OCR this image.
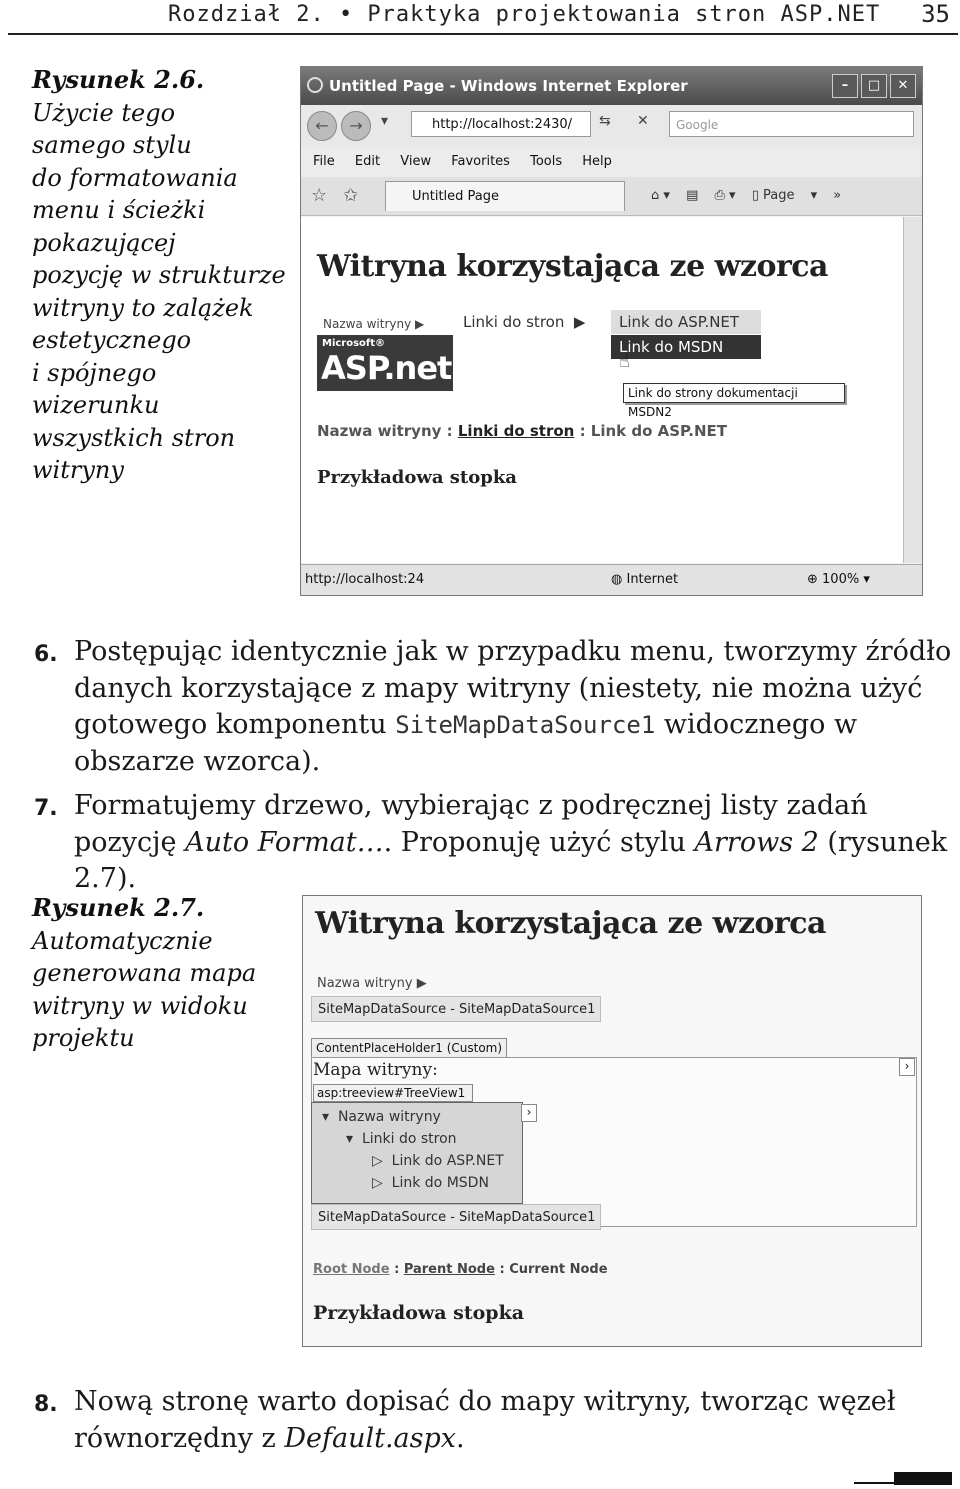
Rozdział 2. • Praktyka projektowania stron ASP.NET 35
Rysunek 2.6.
Użycie tego
samego stylu
do formatowania
menu i ścieżki
pokazującej
pozycję w strukturze
witryny to zalążek
estetycznego
i spójnego
wizerunku
wszystkich stron
witryny
Untitled Page - Windows Internet Explorer	–	□	✕
←	→	▾	http://localhost:2430/	⇆ ✕	Google
File Edit View Favorites Tools Help
☆ ✩	Untitled Page	⌂ ▾ ▤ ⎙ ▾ ▯ Page ▾ »
Witryna korzystająca ze wzorca
Nazwa witryny ▶
Microsoft®
ASP.net
Linki do stron  ▶	Link do ASP.NET
Link do MSDN
☝
Link do strony dokumentacji MSDN2
Nazwa witryny : Linki do stron : Link do ASP.NET
Przykładowa stopka
http://localhost:24	◍ Internet	⊕ 100% ▾
6. Postępując identycznie jak w przypadku menu, tworzymy źródło danych korzystające z mapy witryny (niestety, nie można użyć gotowego komponentu SiteMapDataSource1 widocznego w obszarze wzorca).
7. Formatujemy drzewo, wybierając z podręcznej listy zadań pozycję Auto Format…. Proponuję użyć stylu Arrows 2 (rysunek 2.7).
Rysunek 2.7.
Automatycznie
generowana mapa
witryny w widoku
projektu
Witryna korzystająca ze wzorca
Nazwa witryny ▶
SiteMapDataSource - SiteMapDataSource1
ContentPlaceHolder1 (Custom)
›
Mapa witryny:
asp:treeview#TreeView1
▾  Nazwa witryny
▾  Linki do stron
▷  Link do ASP.NET
▷  Link do MSDN
›
SiteMapDataSource - SiteMapDataSource1
Root Node : Parent Node : Current Node
Przykładowa stopka
8. Nową stronę warto dopisać do mapy witryny, tworząc węzeł równorzędny z Default.aspx.
